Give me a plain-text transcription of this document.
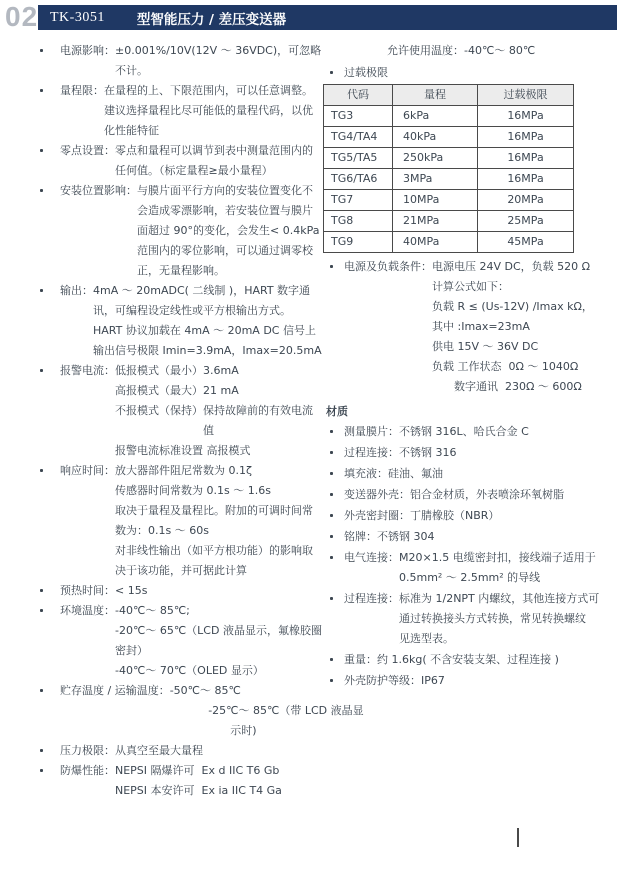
02 TK-3051 型智能压力 / 差压变送器
电源影响：±0.001%/10V(12V ～ 36VDC)，可忽略
不计。
量程限：在量程的上、下限范围内，可以任意调整。
建议选择量程比尽可能低的量程代码，以优
化性能特征
零点设置：零点和量程可以调节到表中测量范围内的
任何值。（标定量程≥最小量程）
安装位置影响：与膜片面平行方向的安装位置变化不
会造成零漂影响，若安装位置与膜片
面超过 90°的变化，会发生< 0.4kPa
范围内的零位影响，可以通过调零校
正，无量程影响。
输出：4mA ～ 20mADC( 二线制 )，HART 数字通
讯，可编程设定线性或平方根输出方式。
HART 协议加载在 4mA ～ 20mA DC 信号上
输出信号极限 Imin=3.9mA，Imax=20.5mA
报警电流：低报模式（最小）3.6mA
高报模式（最大）21 mA
不报模式（保持）保持故障前的有效电流
值
报警电流标准设置 高报模式
响应时间：放大器部件阻尼常数为 0.1ζ
传感器时间常数为 0.1s ～ 1.6s
取决于量程及量程比。附加的可调时间常
数为：0.1s ～ 60s
对非线性输出（如平方根功能）的影响取
决于该功能，并可据此计算
预热时间：< 15s
环境温度：-40℃～ 85℃;
-20℃～ 65℃（LCD 液晶显示，氟橡胶圈
密封）
-40℃～ 70℃（OLED 显示）
贮存温度 / 运输温度：-50℃～ 85℃
-25℃～ 85℃（带 LCD 液晶显
示时)
压力极限：从真空至最大量程
防爆性能：NEPSI 隔爆许可  Ex d IIC T6 Gb
NEPSI 本安许可  Ex ia IIC T4 Ga
允许使用温度：-40℃～ 80℃
过载极限
代码	量程	过载极限
TG3	6kPa	16MPa
TG4/TA4	40kPa	16MPa
TG5/TA5	250kPa	16MPa
TG6/TA6	3MPa	16MPa
TG7	10MPa	20MPa
TG8	21MPa	25MPa
TG9	40MPa	45MPa
电源及负载条件：电源电压 24V DC，负载 520 Ω
计算公式如下：
负载 R ≤ (Us-12V) /Imax kΩ，
其中 :Imax=23mA
供电 15V ～ 36V DC
负载 工作状态  0Ω ～ 1040Ω
数字通讯  230Ω ～ 600Ω
材质
测量膜片：不锈钢 316L、哈氏合金 C
过程连接：不锈钢 316
填充液：硅油、氟油
变送器外壳：铝合金材质，外表喷涂环氧树脂
外壳密封圈：丁腈橡胶（NBR）
铭牌：不锈钢 304
电气连接：M20×1.5 电缆密封扣，接线端子适用于
0.5mm² ～ 2.5mm² 的导线
过程连接：标准为 1/2NPT 内螺纹，其他连接方式可
通过转换接头方式转换，常见转换螺纹
见选型表。
重量：约 1.6kg( 不含安装支架、过程连接 )
外壳防护等级：IP67
